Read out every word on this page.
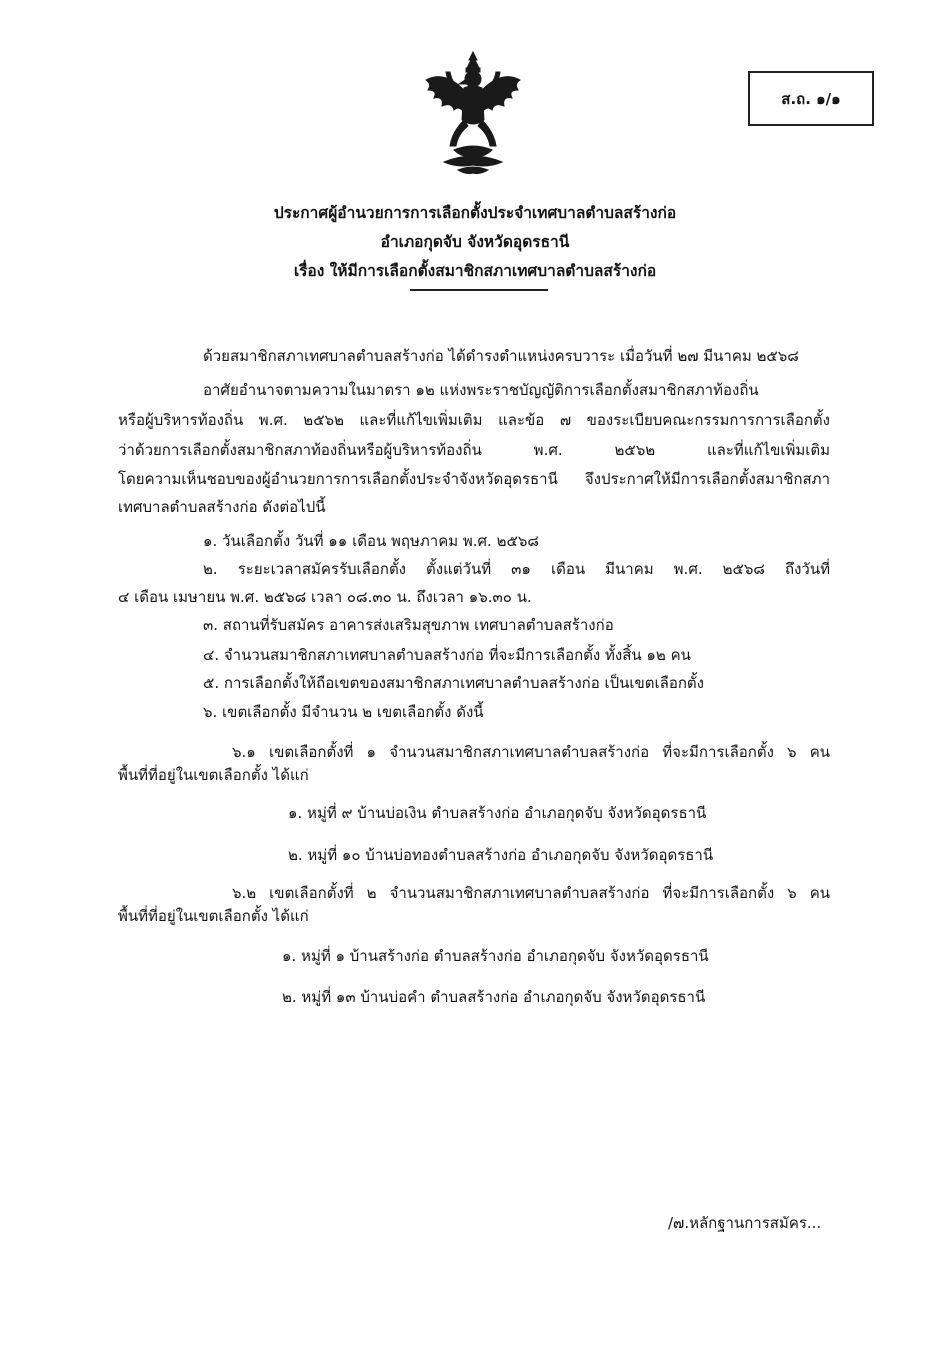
ส.ถ. ๑/๑
ประกาศผู้อำนวยการการเลือกตั้งประจำเทศบาลตำบลสร้างก่อ
อำเภอกุดจับ จังหวัดอุดรธานี
เรื่อง ให้มีการเลือกตั้งสมาชิกสภาเทศบาลตำบลสร้างก่อ
ด้วยสมาชิกสภาเทศบาลตำบลสร้างก่อ ได้ดำรงตำแหน่งครบวาระ เมื่อวันที่ ๒๗ มีนาคม ๒๕๖๘
อาศัยอำนาจตามความในมาตรา ๑๒ แห่งพระราชบัญญัติการเลือกตั้งสมาชิกสภาท้องถิ่น
หรือผู้บริหารท้องถิ่น พ.ศ. ๒๕๖๒ และที่แก้ไขเพิ่มเติม และข้อ ๗ ของระเบียบคณะกรรมการการเลือกตั้ง
ว่าด้วยการเลือกตั้งสมาชิกสภาท้องถิ่นหรือผู้บริหารท้องถิ่น พ.ศ. ๒๕๖๒ และที่แก้ไขเพิ่มเติม
โดยความเห็นชอบของผู้อำนวยการการเลือกตั้งประจำจังหวัดอุดรธานี จึงประกาศให้มีการเลือกตั้งสมาชิกสภา
เทศบาลตำบลสร้างก่อ ดังต่อไปนี้
๑. วันเลือกตั้ง วันที่ ๑๑ เดือน พฤษภาคม พ.ศ. ๒๕๖๘
๒. ระยะเวลาสมัครรับเลือกตั้ง ตั้งแต่วันที่ ๓๑ เดือน มีนาคม พ.ศ. ๒๕๖๘ ถึงวันที่
๔ เดือน เมษายน พ.ศ. ๒๕๖๘ เวลา ๐๘.๓๐ น. ถึงเวลา ๑๖.๓๐ น.
๓. สถานที่รับสมัคร อาคารส่งเสริมสุขภาพ เทศบาลตำบลสร้างก่อ
๔. จำนวนสมาชิกสภาเทศบาลตำบลสร้างก่อ ที่จะมีการเลือกตั้ง ทั้งสิ้น ๑๒ คน
๕. การเลือกตั้งให้ถือเขตของสมาชิกสภาเทศบาลตำบลสร้างก่อ เป็นเขตเลือกตั้ง
๖. เขตเลือกตั้ง มีจำนวน ๒ เขตเลือกตั้ง ดังนี้
๖.๑ เขตเลือกตั้งที่ ๑ จำนวนสมาชิกสภาเทศบาลตำบลสร้างก่อ ที่จะมีการเลือกตั้ง ๖ คน
พื้นที่ที่อยู่ในเขตเลือกตั้ง ได้แก่
๑. หมู่ที่ ๙ บ้านบ่อเงิน ตำบลสร้างก่อ อำเภอกุดจับ จังหวัดอุดรธานี
๒. หมู่ที่ ๑๐ บ้านบ่อทองตำบลสร้างก่อ อำเภอกุดจับ จังหวัดอุดรธานี
๖.๒ เขตเลือกตั้งที่ ๒ จำนวนสมาชิกสภาเทศบาลตำบลสร้างก่อ ที่จะมีการเลือกตั้ง ๖ คน
พื้นที่ที่อยู่ในเขตเลือกตั้ง ได้แก่
๑. หมู่ที่ ๑ บ้านสร้างก่อ ตำบลสร้างก่อ อำเภอกุดจับ จังหวัดอุดรธานี
๒. หมู่ที่ ๑๓ บ้านบ่อคำ ตำบลสร้างก่อ อำเภอกุดจับ จังหวัดอุดรธานี
/๗.หลักฐานการสมัคร...
